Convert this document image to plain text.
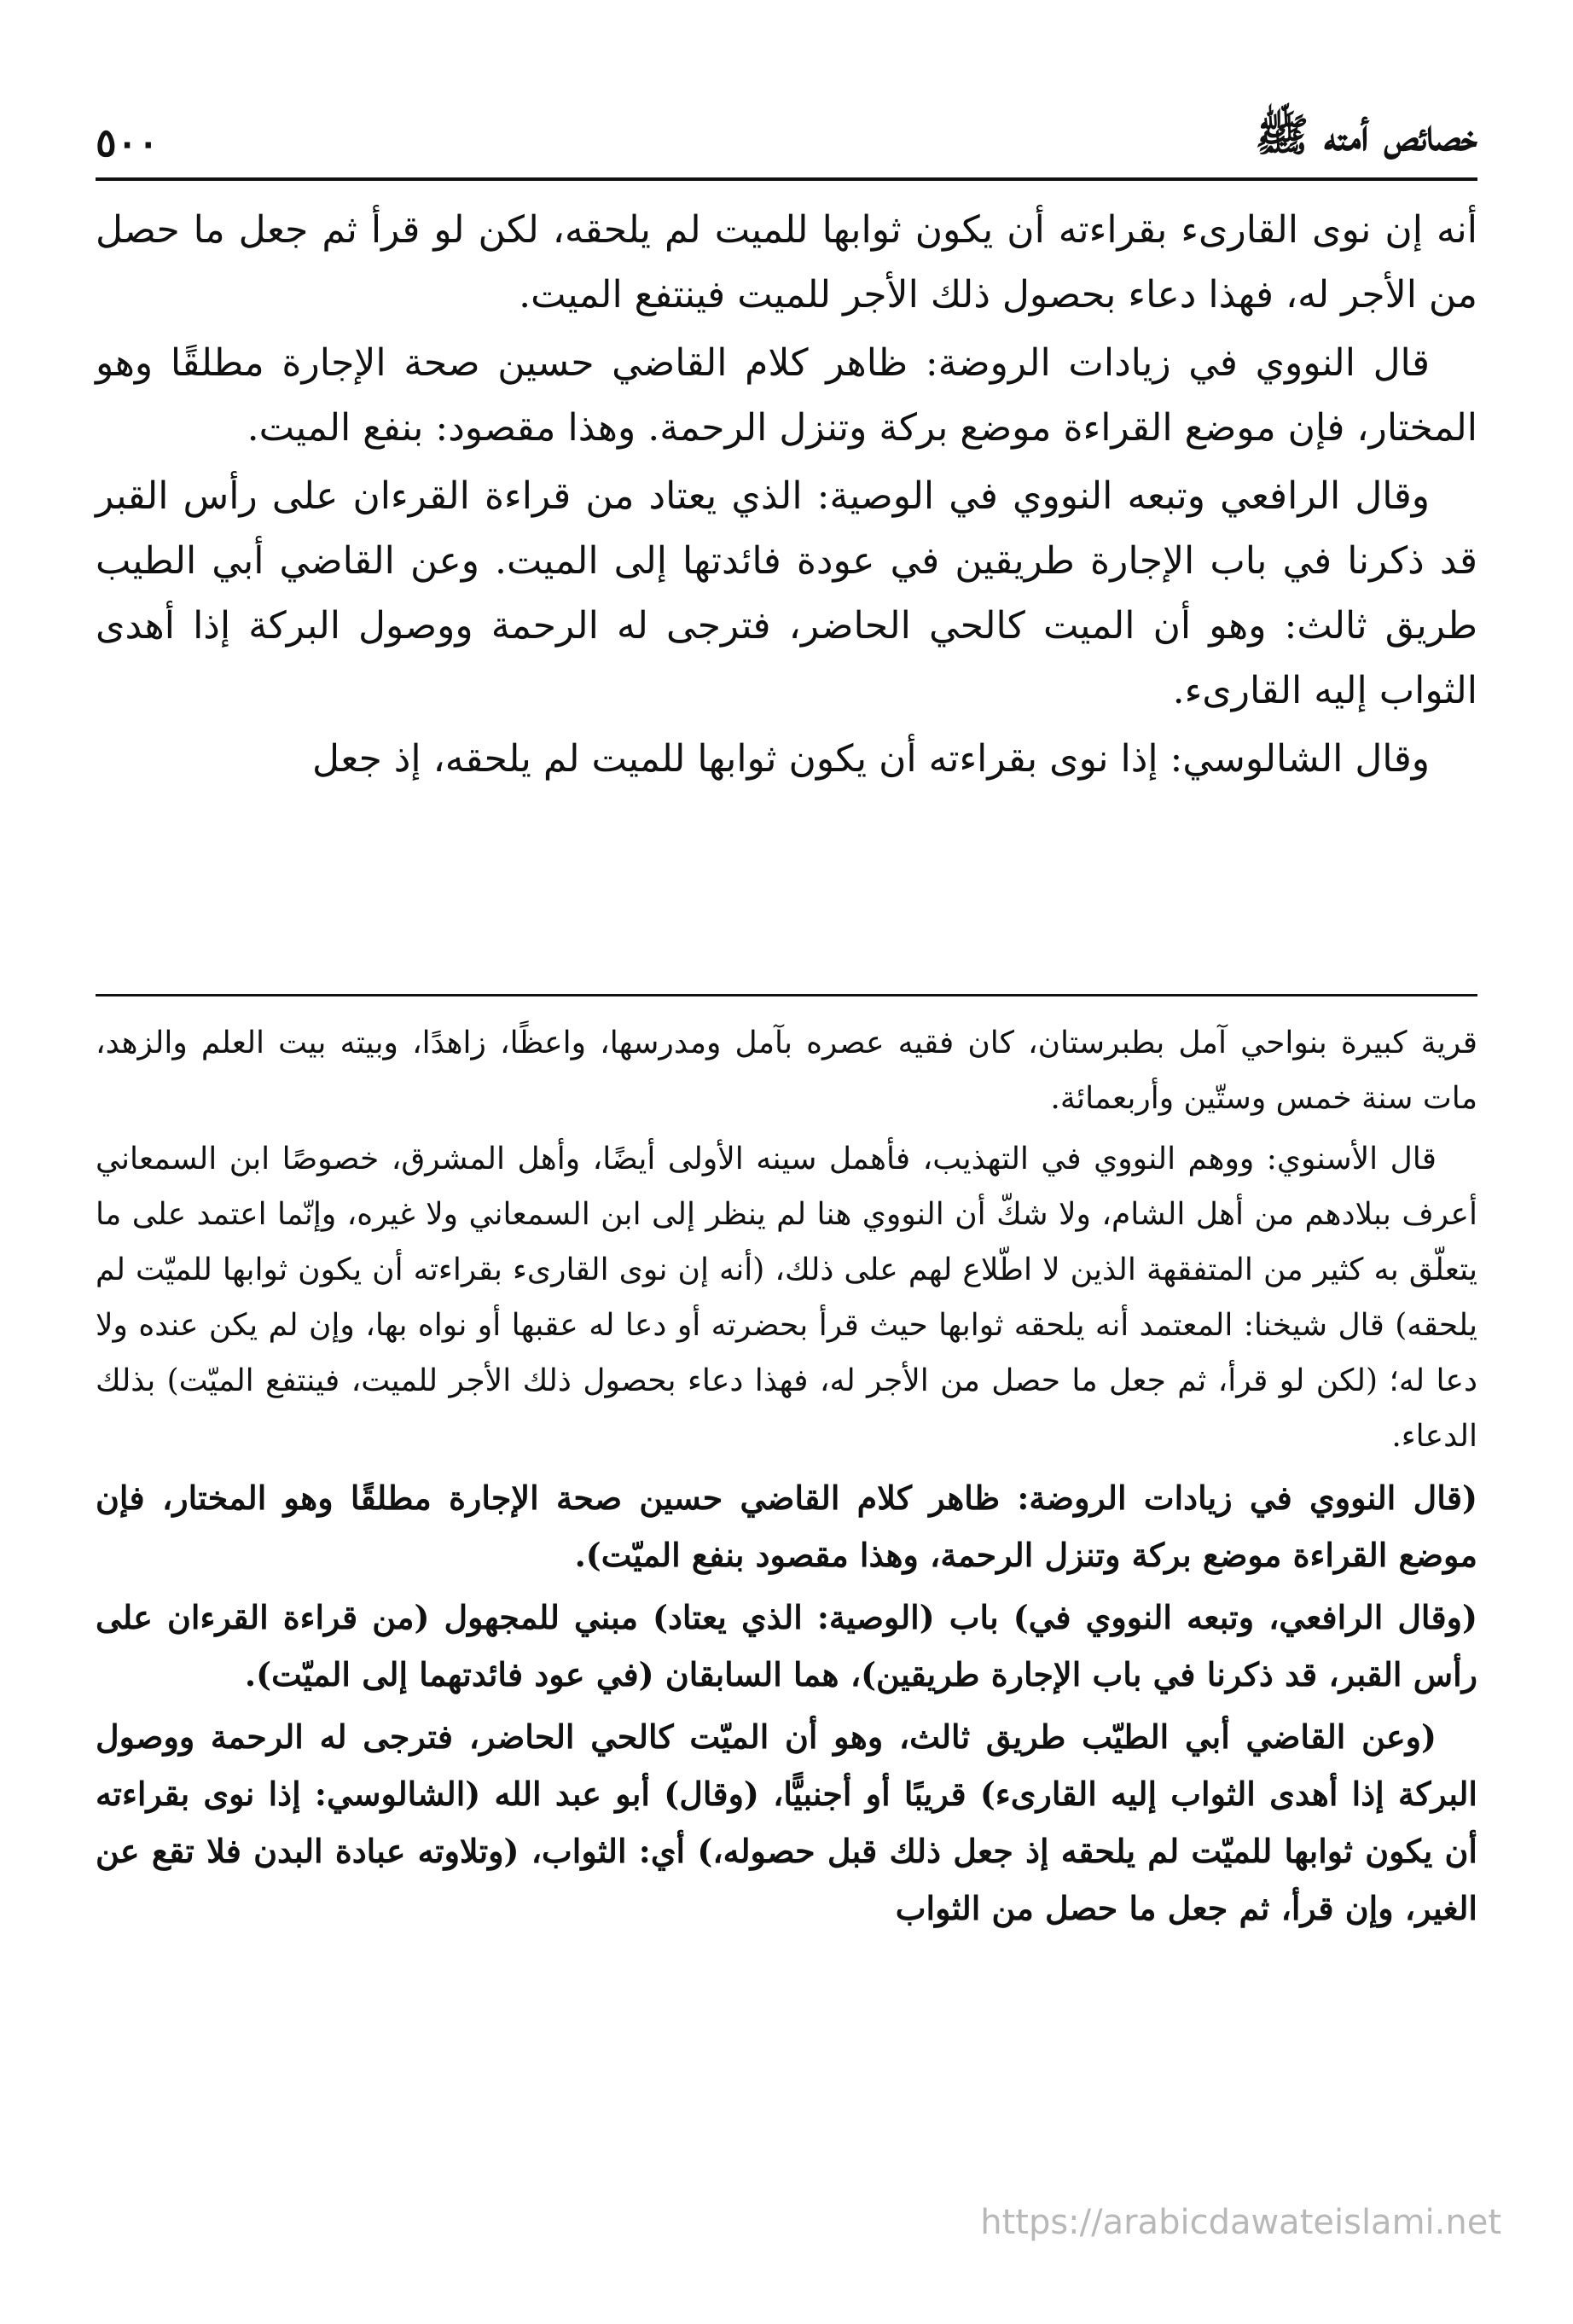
خصائص أمته ﷺ
٥٠٠

أنه إن نوى القارىء بقراءته أن يكون ثوابها للميت لم يلحقه، لكن لو قرأ ثم جعل ما حصل من الأجر له، فهذا دعاء بحصول ذلك الأجر للميت فينتفع الميت.

قال النووي في زيادات الروضة: ظاهر كلام القاضي حسين صحة الإجارة مطلقًا وهو المختار، فإن موضع القراءة موضع بركة وتنزل الرحمة. وهذا مقصود: بنفع الميت.

وقال الرافعي وتبعه النووي في الوصية: الذي يعتاد من قراءة القرءان على رأس القبر قد ذكرنا في باب الإجارة طريقين في عودة فائدتها إلى الميت. وعن القاضي أبي الطيب طريق ثالث: وهو أن الميت كالحي الحاضر، فترجى له الرحمة ووصول البركة إذا أهدى الثواب إليه القارىء.

وقال الشالوسي: إذا نوى بقراءته أن يكون ثوابها للميت لم يلحقه، إذ جعل

قرية كبيرة بنواحي آمل بطبرستان، كان فقيه عصره بآمل ومدرسها، واعظًا، زاهدًا، وبيته بيت العلم والزهد، مات سنة خمس وستّين وأربعمائة.

قال الأسنوي: ووهم النووي في التهذيب، فأهمل سينه الأولى أيضًا، وأهل المشرق، خصوصًا ابن السمعاني أعرف ببلادهم من أهل الشام، ولا شكّ أن النووي هنا لم ينظر إلى ابن السمعاني ولا غيره، وإنّما اعتمد على ما يتعلّق به كثير من المتفقهة الذين لا اطّلاع لهم على ذلك، (أنه إن نوى القارىء بقراءته أن يكون ثوابها للميّت لم يلحقه) قال شيخنا: المعتمد أنه يلحقه ثوابها حيث قرأ بحضرته أو دعا له عقبها أو نواه بها، وإن لم يكن عنده ولا دعا له؛ (لكن لو قرأ، ثم جعل ما حصل من الأجر له، فهذا دعاء بحصول ذلك الأجر للميت، فينتفع الميّت) بذلك الدعاء.

(قال النووي في زيادات الروضة: ظاهر كلام القاضي حسين صحة الإجارة مطلقًا وهو المختار، فإن موضع القراءة موضع بركة وتنزل الرحمة، وهذا مقصود بنفع الميّت).

(وقال الرافعي، وتبعه النووي في) باب (الوصية: الذي يعتاد) مبني للمجهول (من قراءة القرءان على رأس القبر، قد ذكرنا في باب الإجارة طريقين)، هما السابقان (في عود فائدتهما إلى الميّت).

(وعن القاضي أبي الطيّب طريق ثالث، وهو أن الميّت كالحي الحاضر، فترجى له الرحمة ووصول البركة إذا أهدى الثواب إليه القارىء) قريبًا أو أجنبيًّا، (وقال) أبو عبد الله (الشالوسي: إذا نوى بقراءته أن يكون ثوابها للميّت لم يلحقه إذ جعل ذلك قبل حصوله،) أي: الثواب، (وتلاوته عبادة البدن فلا تقع عن الغير، وإن قرأ، ثم جعل ما حصل من الثواب

https://arabicdawateislami.net
